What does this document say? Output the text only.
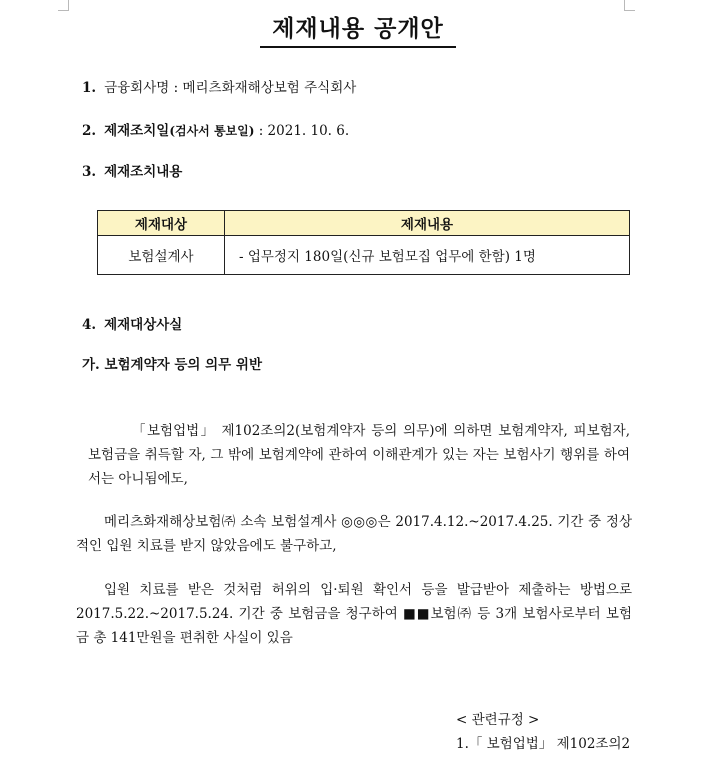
제재내용 공개안
1. 금융회사명 : 메리츠화재해상보험 주식회사
2. 제재조치일(검사서 통보일) : 2021. 10. 6.
3. 제재조치내용
제재대상	제재내용
보험설계사	- 업무정지 180일(신규 보험모집 업무에 한함) 1명
4. 제재대상사실
가. 보험계약자 등의 의무 위반
「보험업법」 제102조의2(보험계약자 등의 의무)에 의하면 보험계약자, 피보험자, 보험금을 취득할 자, 그 밖에 보험계약에 관하여 이해관계가 있는 자는 보험사기 행위를 하여서는 아니됨에도,
메리츠화재해상보험㈜ 소속 보험설계사 ◎◎◎은 2017.4.12.~2017.4.25. 기간 중 정상적인 입원 치료를 받지 않았음에도 불구하고,
입원 치료를 받은 것처럼 허위의 입·퇴원 확인서 등을 발급받아 제출하는 방법으로 2017.5.22.~2017.5.24. 기간 중 보험금을 청구하여 ■■보험㈜ 등 3개 보험사로부터 보험금 총 141만원을 편취한 사실이 있음
< 관련규정 >
1.「 보험업법」 제102조의2
